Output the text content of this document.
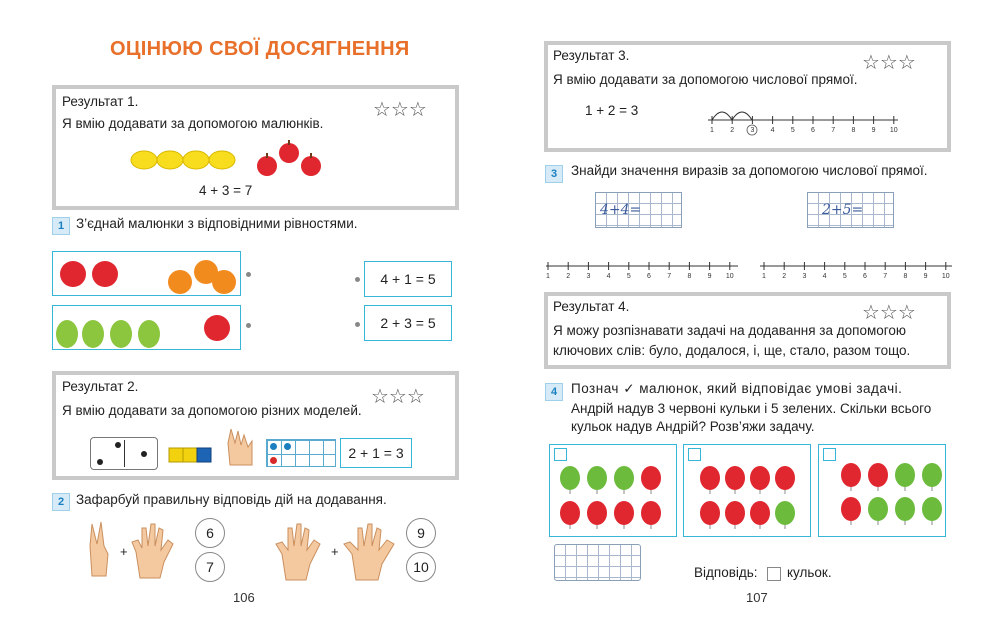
ОЦІНЮЮ СВОЇ ДОСЯГНЕННЯ
Результат 1.
Я вмію додавати за допомогою малюнків.
☆☆☆
4 + 3 = 7
1 З’єднай малюнки з відповідними рівностями.
4 + 1 = 5
2 + 3 = 5
Результат 2.
Я вмію додавати за допомогою різних моделей.
☆☆☆
2 + 1 = 3
2 Зафарбуй правильну відповідь дій на додавання.
+
6
7
+
9
10
106
Результат 3.
Я вмію додавати за допомогою числової прямої.
☆☆☆
1 + 2 = 3
1 2 3 4 5 6 7 8 9 10
3	Знайди значення виразів за допомогою числової прямої.
4+4=	2+5=
1 2 3 4 5 6 7 8 9 10	1 2 3 4 5 6 7 8 9 10
Результат 4.	☆☆☆
Я можу розпізнавати задачі на додавання за допомогою
ключових слів: було, додалося, і, ще, стало, разом тощо.
4	Познач ✓ малюнок, який відповідає умові задачі.
Андрій надув 3 червоні кульки і 5 зелених. Скільки всього
кульок надув Андрій? Розв’яжи задачу.
Відповідь: кульок.
107
